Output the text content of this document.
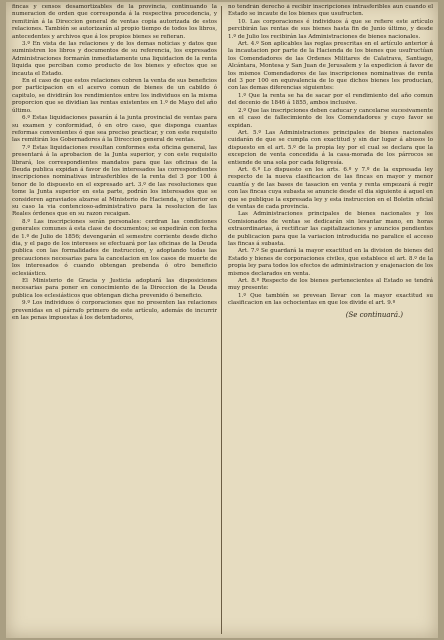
fincas y censos desamortizables de la provincia, continuando la numeracion de orden que corresponda á la respectiva procedencia, y remitirán á la Direccion general de ventas copia autorizada de estos relaciones. También se autorizarán al propio tiempo de todos los libros, antecedentes y archivos que á los propios bienes se refieran.

3.º En vista de las relaciones y de los demas noticias y datos que suministren los libros y documentos de su referencia, los expresados Administraciones formarán inmediatamente una liquidacion de la renta liquida que perciban como producto de los bienes y efectos que se incauta el Estado.

En el caso de que estos relaciones cobren la venta de sus beneficios por participacion en el acervo comun de bienes de un cabildo ó capitulo, se dividirán los rendimientos entre los individuos en la misma proporcion que se dividian las rentas existentes en 1.º de Mayo del año último.

6.º Estas liquidaciones pasarán á la junta provincial de ventas para su examen y conformidad, ó en otro caso, que disponga cuantas reformas convenientes ó que sea preciso practicar, y con este requisito las remitirán los Gobernadores á la Direccion general de ventas.

7.º Estas liquidaciones resultan conformes esta oficina general, las presentará á la aprobacion de la Junta superior, y con este requisito librará, los correspondientes mandatos para que las oficinas de la Deuda publica expidan á favor de los interesados las correspondientes inscripciones nominativas intrasferibles de la renta del 3 por 100 á tenor de lo dispuesto en el expresado art. 3.º de las resoluciones que tome la Junta superior en esta parte, podrán los interesados que se consideren agraviados alzarse al Ministerio de Hacienda, y ulterior en su caso la via contencioso-administrativo para la resolucion de las Reales órdenes que en su razon recaigan.

8.º Las inscripciones serán personales: cerdran las condiciones generales comunes á esta clase de documentos; se expedirán con fecha de 1.º de Julio de 1856; devengarán el semestre corriente desde dicho dia, y el pago de los intereses se efectuará por las oficinas de la Deuda publica con las formalidades de instruccion, y adoptando todas las precauciones necesarias para la cancelacion en los casos de muerte de los interesados ó cuando obtengan prebenda ó otro beneficio eclesiástico.

El Ministerio de Gracia y Justicia adoptará las disposiciones necesarias para poner en conocimiento de la Direccion de la Deuda publica los eclesiásticos que obtengan dicha prevenido ó beneficio.

9.º Los individuos ó corporaciones que no presenten las relaciones prevenidas en el párrafo primero de este artículo, además de incurrir en las penas impuestas á los detentadores,

no tendrán derecho á recibir inscripciones intrasferibles aun cuando el Estado se incaute de los bienes que usufructen.

10. Las corporaciones é individuos á que se refiere este artículo percibirán las rentas de sus bienes hasta fin de Junio último, y desde 1.º de Julio los recibirán las Administraciones de bienes nacionales.

Art. 4.º Son aplicables las reglas prescritas en el artículo anterior á la incautacion por parte de la Hacienda de los bienes que usufructúan los Comendadores de las Ordenes Militares de Calatrava, Santiago, Alcántara, Montesa y San Juan de Jerusalem y la expedicion á favor de los mismos Comendadores de las inscripciones nominativas de renta del 3 por 100 en equivalencia de lo que dichos bienes les producian, con las demas diferencias siguientes:

1.º Que la renta se ha de sacar por el rendimiento del año comun del decenio de 1846 á 1855, ambos inclusive.

2.º Que las inscripciones deben caducar y cancelarse sucesivamente en el caso de fallecimiento de los Comendadores y cuyo favor se expidan.

Art. 5.º Las Administraciones principales de bienes nacionales cuidarán de que se cumpla con exactitud y sin dar lugar á abusos lo dispuesto en el art. 5.º de la propia ley por el cual se declara que la excepcion de venta concedida á la casa-morada de los párrocos se entiende de una sola por cada feligresía.

Art. 6.º Lo dispuesto en los arts. 6.º y 7.º de la expresada ley respecto de la nueva clasificacion de las fincas en mayor y menor cuantía y de las bases de tasacion en venta y renta empezará á regir con las fincas cuya subasta se anuncie desde el dia siguiente á aquel en que se publique la expresada ley y esta instruccion en el Boletin oficial de ventas de cada provincia.

Las Administraciones principales de bienes nacionales y los Comisionados de ventas se dedicarán sin levantar mano, en horas extraordinarias, á rectificar las capitalizaciones y anuncios pendientes de publicacion para que la variacion introducida no paralice el acceso las fincas á subasta.

Art. 7.º Se guardará la mayor exactitud en la division de bienes del Estado y bienes de corporaciones civiles, que establece el art. 8.º de la propia ley para todos los efectos de administracion y enajenacion de los mismos declarados en venta.

Art. 8.º Respecto de los bienes pertenecientes al Estado se tendrá muy presente:

1.º Que también se prevean llevar con la mayor exactitud su clasificacion en las ochocientas en que los divide el art. 9.º

(Se continuará.)
